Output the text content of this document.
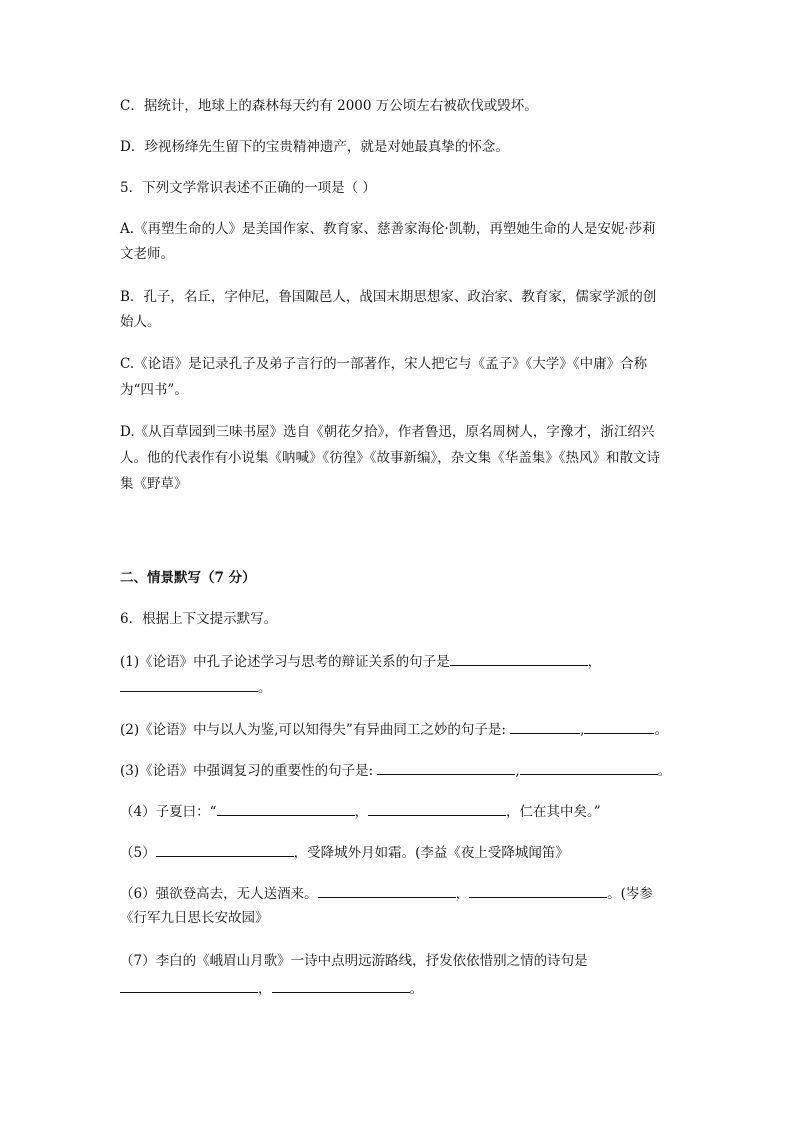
C．据统计，地球上的森林每天约有 2000 万公顷左右被砍伐或毁坏。
D．珍视杨绛先生留下的宝贵精神遗产，就是对她最真挚的怀念。
5．下列文学常识表述不正确的一项是（ ）
A.《再塑生命的人》是美国作家、教育家、慈善家海伦·凯勒，再塑她生命的人是安妮·莎莉
文老师。
B．孔子，名丘，字仲尼，鲁国陬邑人，战国末期思想家、政治家、教育家，儒家学派的创
始人。
C.《论语》是记录孔子及弟子言行的一部著作，宋人把它与《孟子》《大学》《中庸》合称
为“四书”。
D.《从百草园到三味书屋》选自《朝花夕拾》，作者鲁迅，原名周树人，字豫才，浙江绍兴
人。他的代表作有小说集《呐喊》《彷徨》《故事新编》，杂文集《华盖集》《热风》和散文诗
集《野草》
二、情景默写（7 分）
6．根据上下文提示默写。
(1)《论语》中孔子论述学习与思考的辩证关系的句子是	，
。
(2)《论语》中与以人为鉴,可以知得失”有异曲同工之妙的句子是:	,	。
(3)《论语》中强调复习的重要性的句子是:	,	。
（4）子夏曰：“	，	，仁在其中矣。”
（5）	，受降城外月如霜。(李益《夜上受降城闻笛》
（6）强欲登高去，无人送酒来。	，	。(岑参
《行军九日思长安故园》
（7）李白的《峨眉山月歌》一诗中点明远游路线，抒发依依惜别之情的诗句是
，	。
